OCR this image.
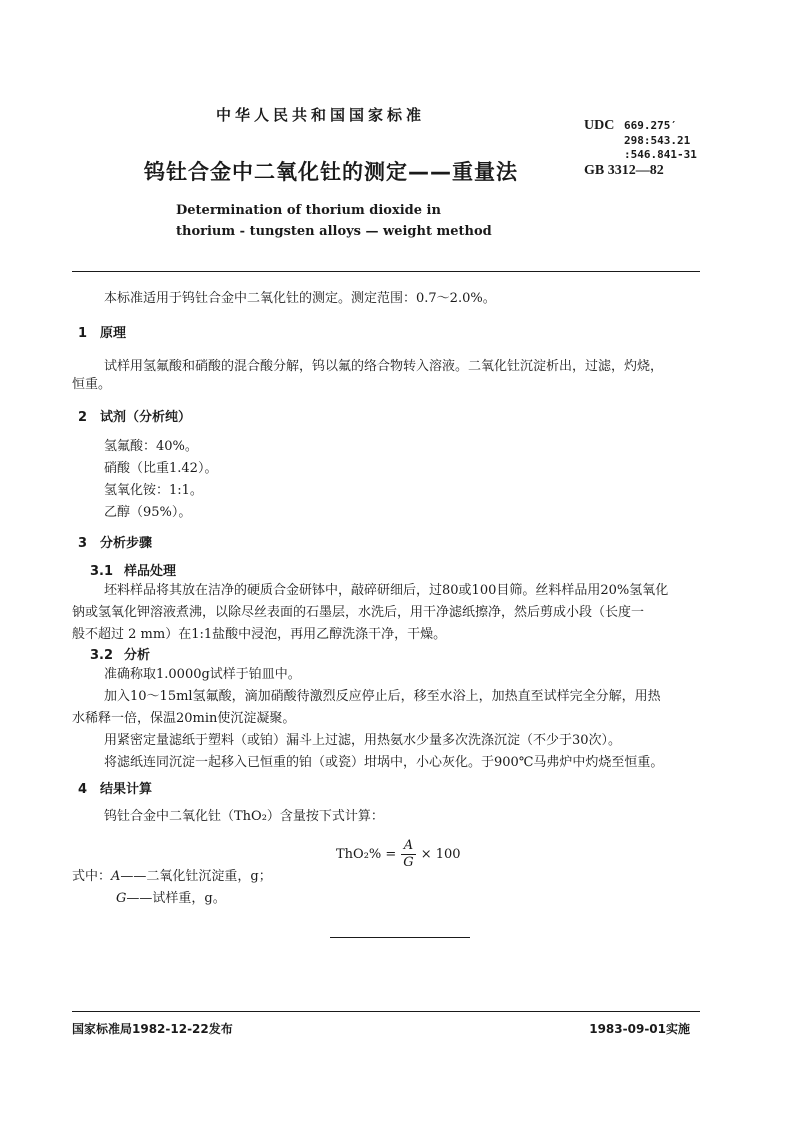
中华人民共和国国家标准
UDC 669.275′
298:543.21
:546.841-31
GB 3312—82
钨钍合金中二氧化钍的测定——重量法
Determination of thorium dioxide in
thorium - tungsten alloys — weight method
本标准适用于钨钍合金中二氧化钍的测定。测定范围：0.7～2.0%。
1 原理
试样用氢氟酸和硝酸的混合酸分解，钨以氟的络合物转入溶液。二氧化钍沉淀析出，过滤，灼烧，
恒重。
2 试剂（分析纯）
氢氟酸：40%。
硝酸（比重1.42）。
氢氧化铵：1:1。
乙醇（95%）。
3 分析步骤
3.1 样品处理
坯料样品将其放在洁净的硬质合金研钵中，敲碎研细后，过80或100目筛。丝料样品用20%氢氧化
钠或氢氧化钾溶液煮沸，以除尽丝表面的石墨层，水洗后，用干净滤纸擦净，然后剪成小段（长度一
般不超过 2 mm）在1:1盐酸中浸泡，再用乙醇洗涤干净，干燥。
3.2 分析
准确称取1.0000g试样于铂皿中。
加入10～15ml氢氟酸，滴加硝酸待激烈反应停止后，移至水浴上，加热直至试样完全分解，用热
水稀释一倍，保温20min使沉淀凝聚。
用紧密定量滤纸于塑料（或铂）漏斗上过滤，用热氨水少量多次洗涤沉淀（不少于30次）。
将滤纸连同沉淀一起移入已恒重的铂（或瓷）坩埚中，小心灰化。于900℃马弗炉中灼烧至恒重。
4 结果计算
钨钍合金中二氧化钍（ThO₂）含量按下式计算：
$ThO_2\% = \frac{A}{G} \times 100$
式中：A——二氧化钍沉淀重，g；
G——试样重，g。
国家标准局1982-12-22发布	1983-09-01实施
